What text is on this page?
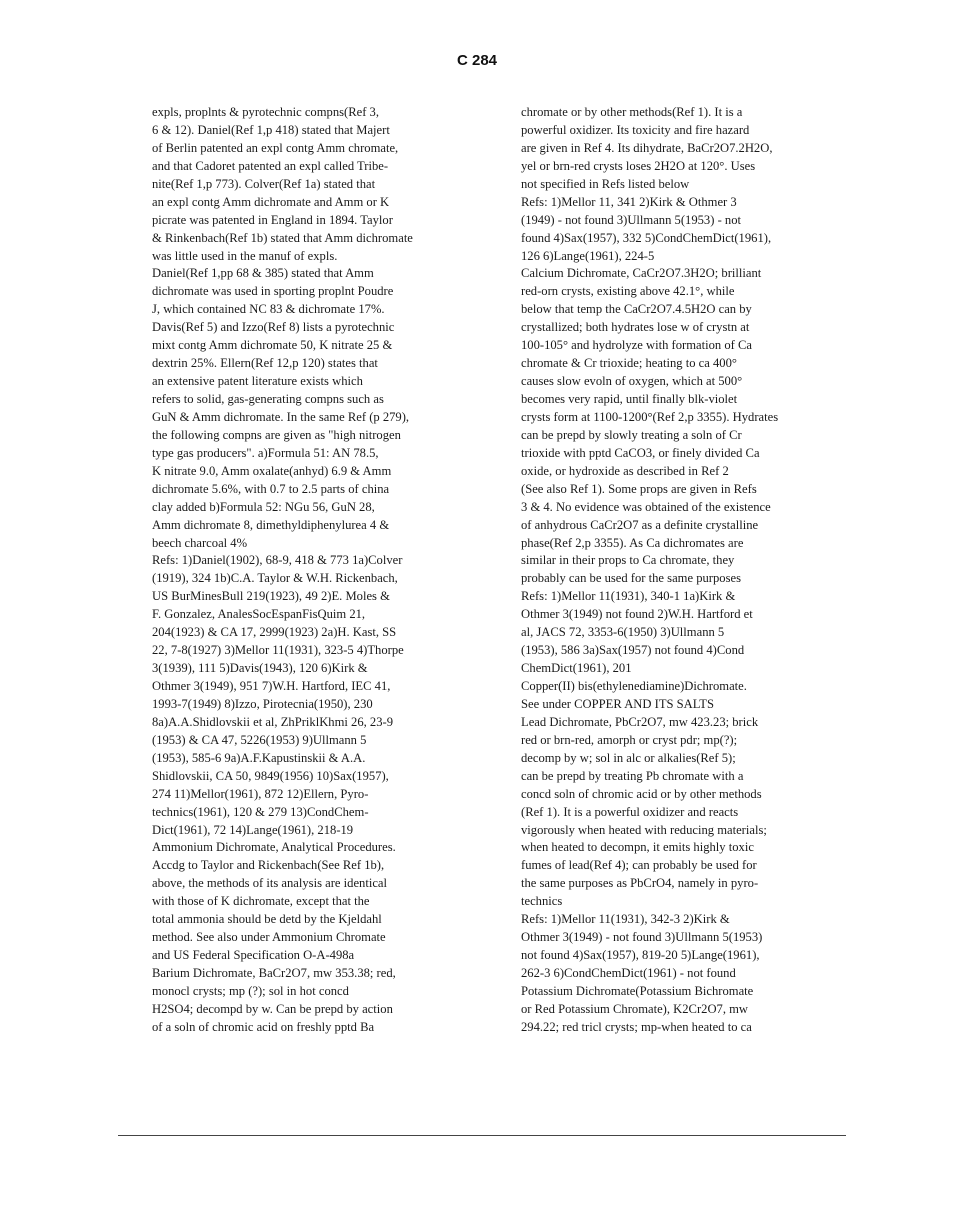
C 284
expls, proplnts & pyrotechnic compns(Ref 3,
6 & 12). Daniel(Ref 1,p 418) stated that Majert
of Berlin patented an expl contg Amm chromate,
and that Cadoret patented an expl called Tribe-
nite(Ref 1,p 773). Colver(Ref 1a) stated that
an expl contg Amm dichromate and Amm or K
picrate was patented in England in 1894. Taylor
& Rinkenbach(Ref 1b) stated that Amm dichromate
was little used in the manuf of expls.
Daniel(Ref 1,pp 68 & 385) stated that Amm
dichromate was used in sporting proplnt Poudre
J, which contained NC 83 & dichromate 17%.
Davis(Ref 5) and Izzo(Ref 8) lists a pyrotechnic
mixt contg Amm dichromate 50, K nitrate 25 &
dextrin 25%. Ellern(Ref 12,p 120) states that
an extensive patent literature exists which
refers to solid, gas-generating compns such as
GuN & Amm dichromate. In the same Ref (p 279),
the following compns are given as "high nitrogen
type gas producers". a)Formula 51: AN 78.5,
K nitrate 9.0, Amm oxalate(anhyd) 6.9 & Amm
dichromate 5.6%, with 0.7 to 2.5 parts of china
clay added b)Formula 52: NGu 56, GuN 28,
Amm dichromate 8, dimethyldiphenylurea 4 &
beech charcoal 4%
Refs: 1)Daniel(1902), 68-9, 418 & 773 1a)Colver
(1919), 324 1b)C.A. Taylor & W.H. Rickenbach,
US BurMinesBull 219(1923), 49 2)E. Moles &
F. Gonzalez, AnalesSocEspanFisQuim 21,
204(1923) & CA 17, 2999(1923) 2a)H. Kast, SS
22, 7-8(1927) 3)Mellor 11(1931), 323-5 4)Thorpe
3(1939), 111 5)Davis(1943), 120 6)Kirk &
Othmer 3(1949), 951 7)W.H. Hartford, IEC 41,
1993-7(1949) 8)Izzo, Pirotecnia(1950), 230
8a)A.A.Shidlovskii et al, ZhPriklKhmi 26, 23-9
(1953) & CA 47, 5226(1953) 9)Ullmann 5
(1953), 585-6 9a)A.F.Kapustinskii & A.A.
Shidlovskii, CA 50, 9849(1956) 10)Sax(1957),
274 11)Mellor(1961), 872 12)Ellern, Pyro-
technics(1961), 120 & 279 13)CondChem-
Dict(1961), 72 14)Lange(1961), 218-19
Ammonium Dichromate, Analytical Procedures.
Accdg to Taylor and Rickenbach(See Ref 1b),
above, the methods of its analysis are identical
with those of K dichromate, except that the
total ammonia should be detd by the Kjeldahl
method. See also under Ammonium Chromate
and US Federal Specification O-A-498a
Barium Dichromate, BaCr2O7, mw 353.38; red,
monocl crysts; mp (?); sol in hot concd
H2SO4; decompd by w. Can be prepd by action
of a soln of chromic acid on freshly pptd Ba
chromate or by other methods(Ref 1). It is a
powerful oxidizer. Its toxicity and fire hazard
are given in Ref 4. Its dihydrate, BaCr2O7.2H2O,
yel or brn-red crysts loses 2H2O at 120°. Uses
not specified in Refs listed below
Refs: 1)Mellor 11, 341 2)Kirk & Othmer 3
(1949) - not found 3)Ullmann 5(1953) - not
found 4)Sax(1957), 332 5)CondChemDict(1961),
126 6)Lange(1961), 224-5
Calcium Dichromate, CaCr2O7.3H2O; brilliant
red-orn crysts, existing above 42.1°, while
below that temp the CaCr2O7.4.5H2O can by
crystallized; both hydrates lose w of crystn at
100-105° and hydrolyze with formation of Ca
chromate & Cr trioxide; heating to ca 400°
causes slow evoln of oxygen, which at 500°
becomes very rapid, until finally blk-violet
crysts form at 1100-1200°(Ref 2,p 3355). Hydrates
can be prepd by slowly treating a soln of Cr
trioxide with pptd CaCO3, or finely divided Ca
oxide, or hydroxide as described in Ref 2
(See also Ref 1). Some props are given in Refs
3 & 4. No evidence was obtained of the existence
of anhydrous CaCr2O7 as a definite crystalline
phase(Ref 2,p 3355). As Ca dichromates are
similar in their props to Ca chromate, they
probably can be used for the same purposes
Refs: 1)Mellor 11(1931), 340-1 1a)Kirk &
Othmer 3(1949) not found 2)W.H. Hartford et
al, JACS 72, 3353-6(1950) 3)Ullmann 5
(1953), 586 3a)Sax(1957) not found 4)Cond
ChemDict(1961), 201
Copper(II) bis(ethylenediamine)Dichromate.
See under COPPER AND ITS SALTS
Lead Dichromate, PbCr2O7, mw 423.23; brick
red or brn-red, amorph or cryst pdr; mp(?);
decomp by w; sol in alc or alkalies(Ref 5);
can be prepd by treating Pb chromate with a
concd soln of chromic acid or by other methods
(Ref 1). It is a powerful oxidizer and reacts
vigorously when heated with reducing materials;
when heated to decompn, it emits highly toxic
fumes of lead(Ref 4); can probably be used for
the same purposes as PbCrO4, namely in pyro-
technics
Refs: 1)Mellor 11(1931), 342-3 2)Kirk &
Othmer 3(1949) - not found 3)Ullmann 5(1953)
not found 4)Sax(1957), 819-20 5)Lange(1961),
262-3 6)CondChemDict(1961) - not found
Potassium Dichromate(Potassium Bichromate
or Red Potassium Chromate), K2Cr2O7, mw
294.22; red tricl crysts; mp-when heated to ca
